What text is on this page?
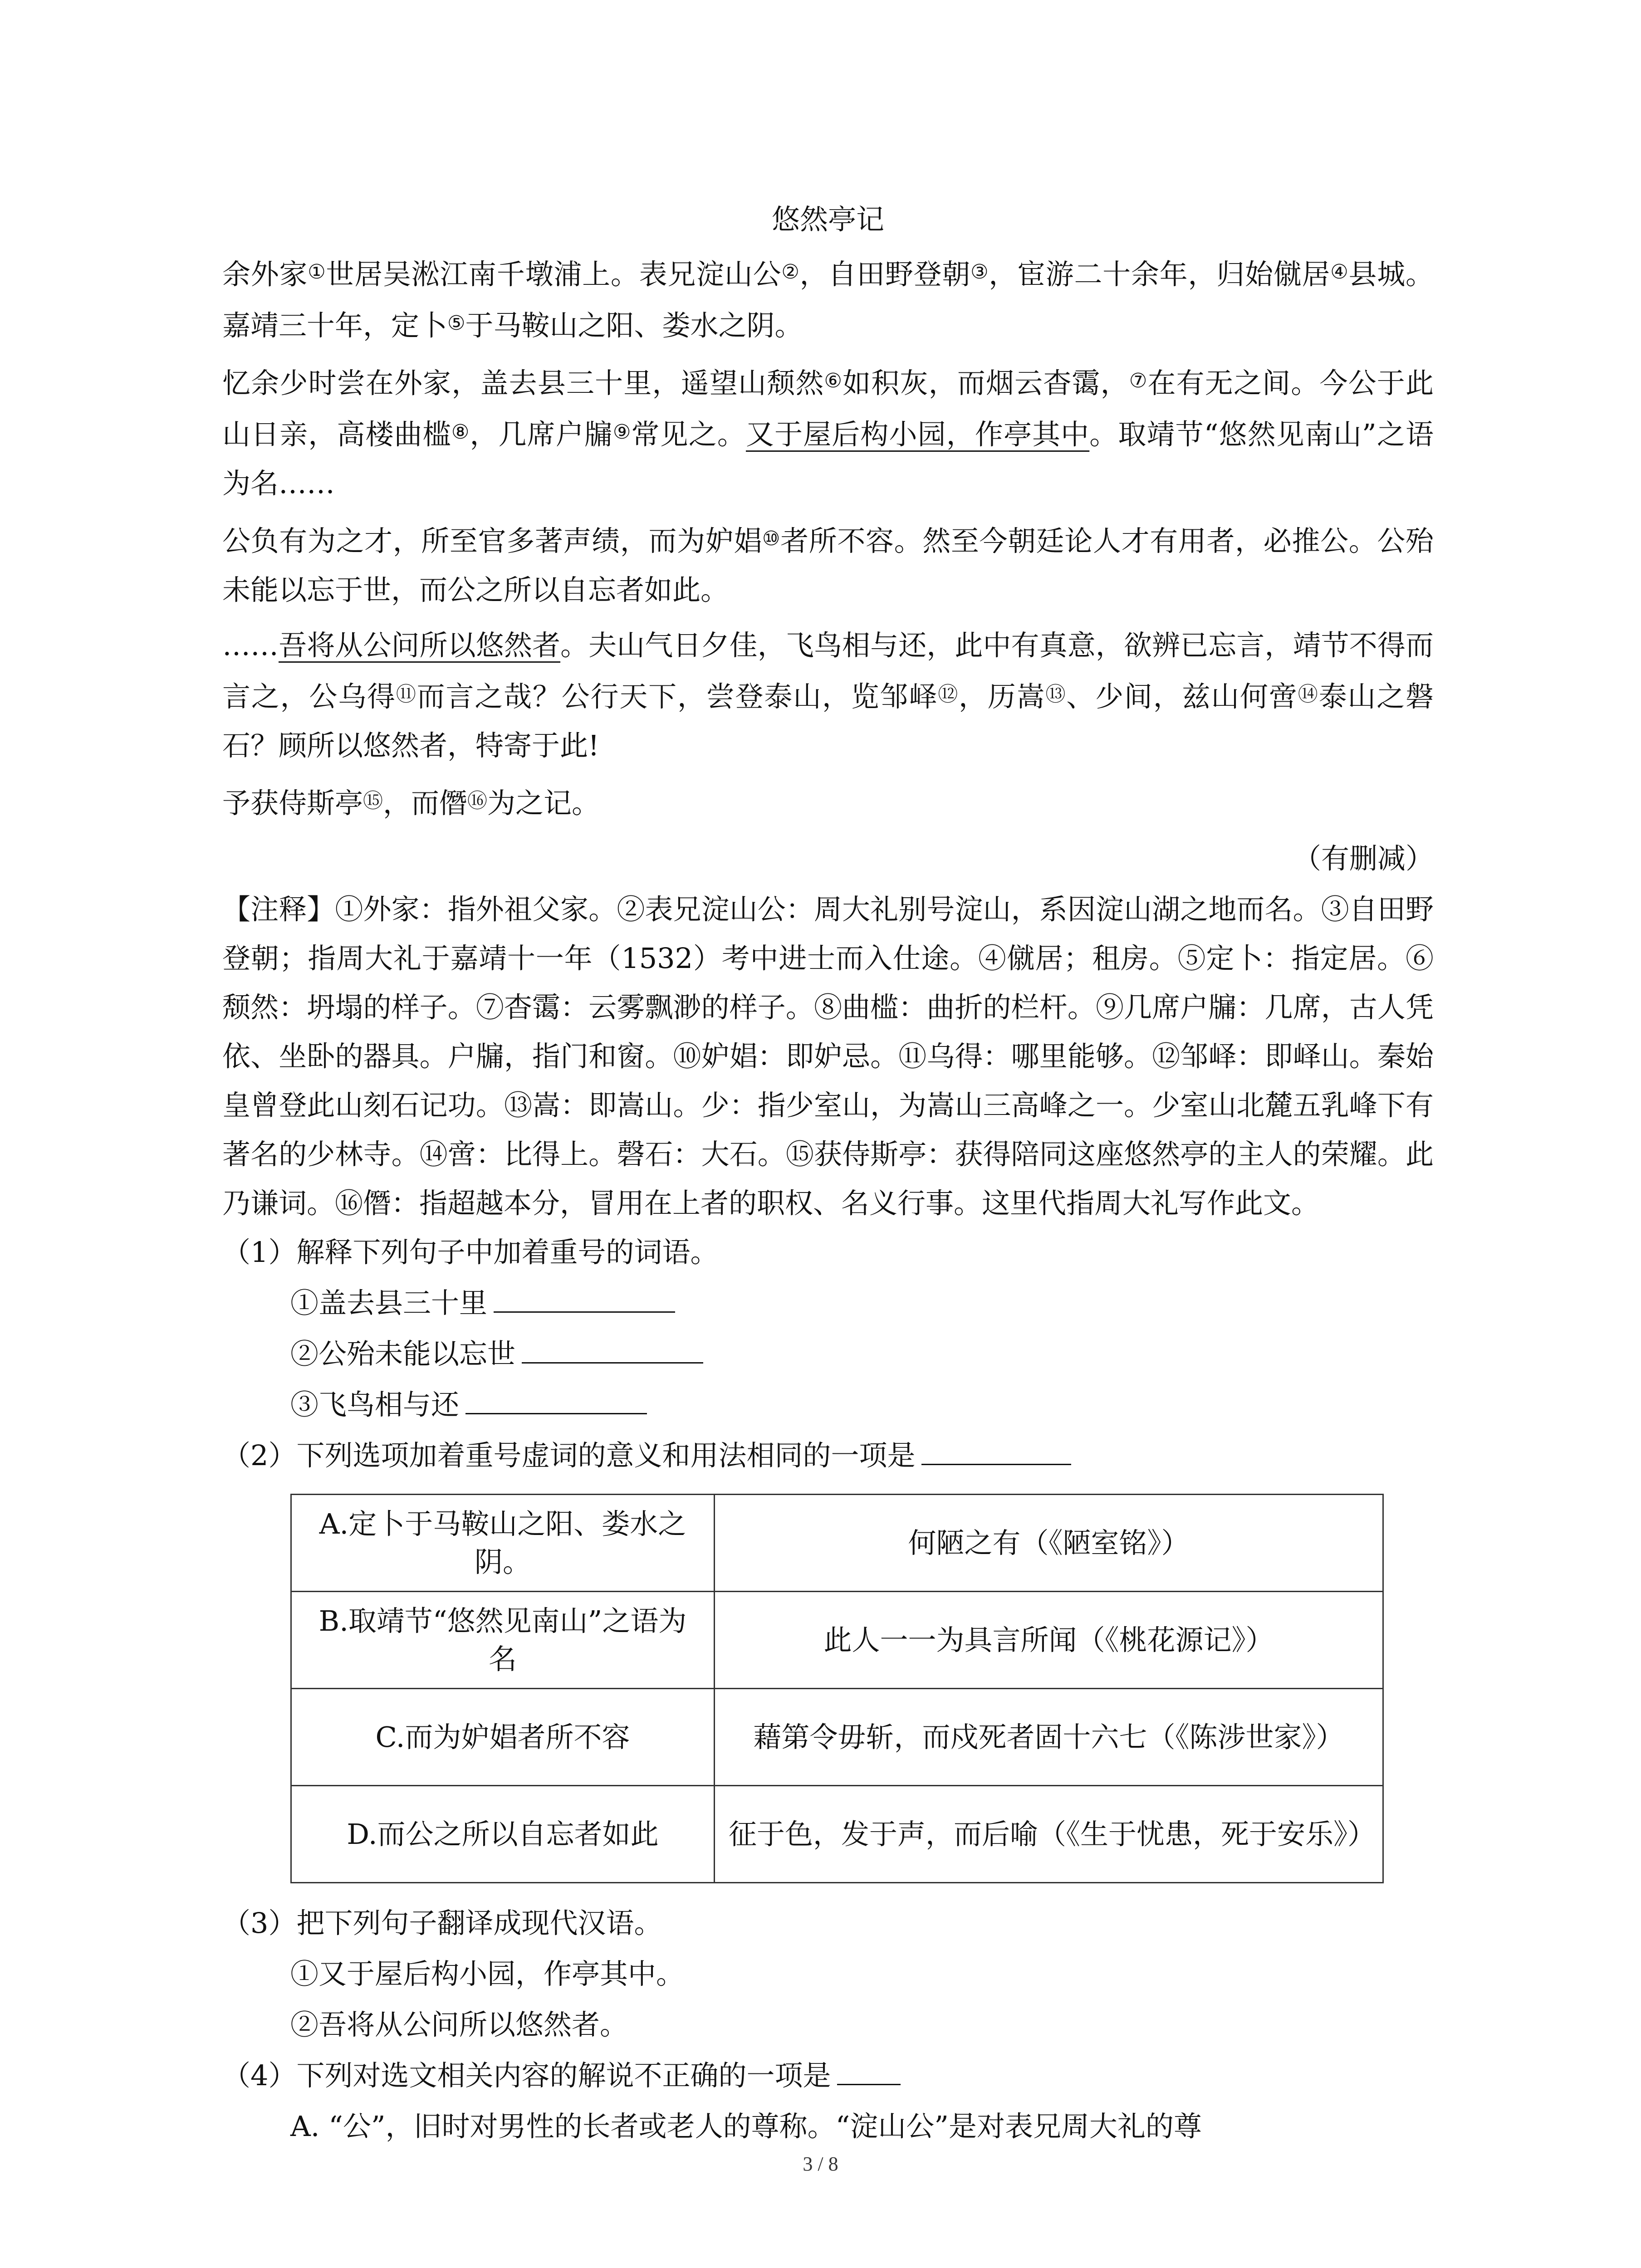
悠然亭记

余外家①世居吴淞江南千墩浦上。表兄淀山公②，自田野登朝③，宦游二十余年，归始僦居④县城。嘉靖三十年，定卜⑤于马鞍山之阳、娄水之阴。

忆余少时尝在外家，盖去县三十里，遥望山颓然⑥如积灰，而烟云杳霭，⑦在有无之间。今公于此山日亲，高楼曲槛⑧，几席户牖⑨常见之。又于屋后构小园，作亭其中。取靖节“悠然见南山”之语为名……

公负有为之才，所至官多著声绩，而为妒娼⑩者所不容。然至今朝廷论人才有用者，必推公。公殆未能以忘于世，而公之所以自忘者如此。

……吾将从公问所以悠然者。夫山气日夕佳，飞鸟相与还，此中有真意，欲辨已忘言，靖节不得而言之，公乌得⑪而言之哉？公行天下，尝登泰山，览邹峄⑫，历嵩⑬、少间，兹山何啻⑭泰山之磐石？顾所以悠然者，特寄于此!

予获侍斯亭⑮，而僭⑯为之记。

（有删减）

【注释】①外家：指外祖父家。②表兄淀山公：周大礼别号淀山，系因淀山湖之地而名。③自田野登朝；指周大礼于嘉靖十一年（1532）考中进士而入仕途。④僦居；租房。⑤定卜：指定居。⑥颓然：坍塌的样子。⑦杳霭：云雾飘渺的样子。⑧曲槛：曲折的栏杆。⑨几席户牖：几席，古人凭依、坐卧的器具。户牖，指门和窗。⑩妒娼：即妒忌。⑪乌得：哪里能够。⑫邹峄：即峄山。秦始皇曾登此山刻石记功。⑬嵩：即嵩山。少：指少室山，为嵩山三高峰之一。少室山北麓五乳峰下有著名的少林寺。⑭啻：比得上。磬石：大石。⑮获侍斯亭：获得陪同这座悠然亭的主人的荣耀。此乃谦词。⑯僭：指超越本分，冒用在上者的职权、名义行事。这里代指周大礼写作此文。

（1）解释下列句子中加着重号的词语。
①盖去县三十里
②公殆未能以忘世
③飞鸟相与还
（2）下列选项加着重号虚词的意义和用法相同的一项是
A.定卜于马鞍山之阳、娄水之阴。	何陋之有（《陋室铭》）
B.取靖节“悠然见南山”之语为名	此人一一为具言所闻（《桃花源记》）
C.而为妒娼者所不容	藉第令毋斩，而戍死者固十六七（《陈涉世家》）
D.而公之所以自忘者如此	征于色，发于声，而后喻（《生于忧患，死于安乐》）
（3）把下列句子翻译成现代汉语。
①又于屋后构小园，作亭其中。
②吾将从公问所以悠然者。
（4）下列对选文相关内容的解说不正确的一项是
A. “公”，旧时对男性的长者或老人的尊称。“淀山公”是对表兄周大礼的尊
3 / 8
